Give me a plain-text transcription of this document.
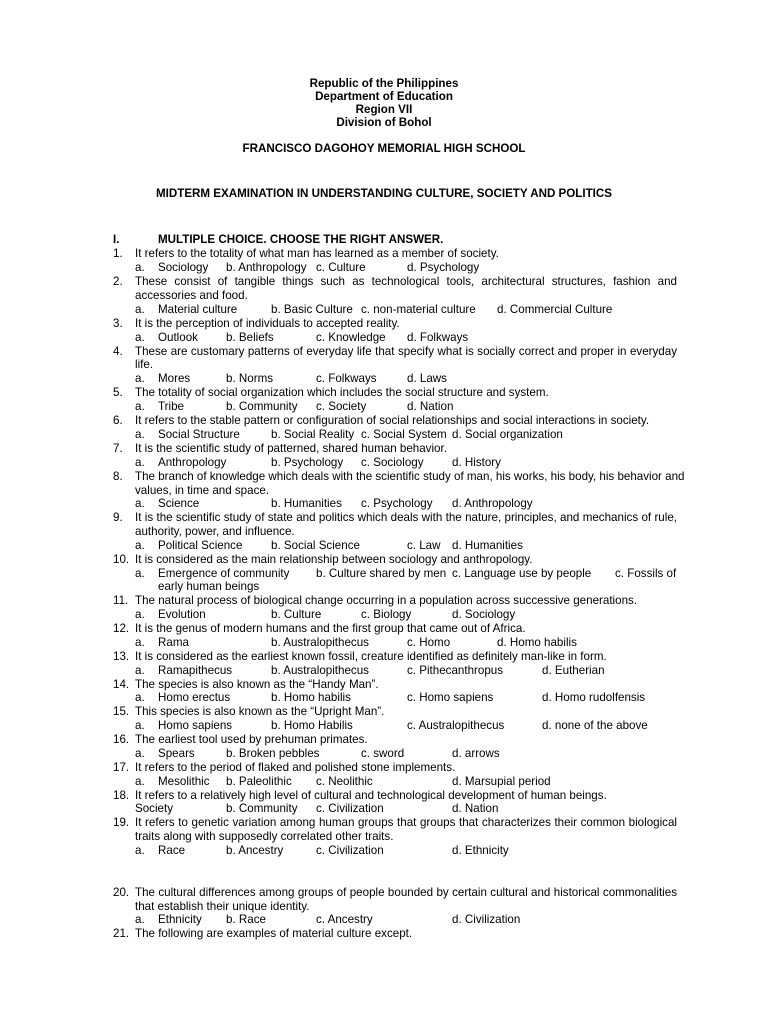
Republic of the Philippines
Department of Education
Region VII
Division of Bohol
FRANCISCO DAGOHOY MEMORIAL HIGH SCHOOL
MIDTERM EXAMINATION IN UNDERSTANDING CULTURE, SOCIETY AND POLITICS
I.	MULTIPLE CHOICE. CHOOSE THE RIGHT ANSWER.
1. It refers to the totality of what man has learned as a member of society.
a. Sociology b. Anthropology c. Culture	d. Psychology
2. These consist of tangible things such as technological tools, architectural structures, fashion and
accessories and food.
a. Material culture	b. Basic Culture c. non-material culture d. Commercial Culture
3. It is the perception of individuals to accepted reality.
a. Outlook b. Beliefs	c. Knowledge d. Folkways
4. These are customary patterns of everyday life that specify what is socially correct and proper in everyday
life.
a. Mores	b. Norms	c. Folkways	d. Laws
5. The totality of social organization which includes the social structure and system.
a. Tribe	b. Community c. Society	d. Nation
6. It refers to the stable pattern or configuration of social relationships and social interactions in society.
a. Social Structure	b. Social Reality c. Social System d. Social organization
7. It is the scientific study of patterned, shared human behavior.
a. Anthropology	b. Psychology c. Sociology d. History
8. The branch of knowledge which deals with the scientific study of man, his works, his body, his behavior and
values, in time and space.
a. Science	b. Humanities c. Psychology d. Anthropology
9. It is the scientific study of state and politics which deals with the nature, principles, and mechanics of rule,
authority, power, and influence.
a. Political Science b. Social Science	c. Law d. Humanities
10. It is considered as the main relationship between sociology and anthropology.
a. Emergence of community b. Culture shared by men c. Language use by people c. Fossils of
early human beings
11. The natural process of biological change occurring in a population across successive generations.
a. Evolution	b. Culture	c. Biology	d. Sociology
12. It is the genus of modern humans and the first group that came out of Africa.
a. Rama	b. Australopithecus	c. Homo	d. Homo habilis
13. It is considered as the earliest known fossil, creature identified as definitely man-like in form.
a. Ramapithecus	b. Australopithecus	c. Pithecanthropus	d. Eutherian
14. The species is also known as the “Handy Man”.
a. Homo erectus	b. Homo habilis	c. Homo sapiens	d. Homo rudolfensis
15. This species is also known as the “Upright Man”.
a. Homo sapiens	b. Homo Habilis	c. Australopithecus	d. none of the above
16. The earliest tool used by prehuman primates.
a. Spears	b. Broken pebbles	c. sword	d. arrows
17. It refers to the period of flaked and polished stone implements.
a. Mesolithic b. Paleolithic c. Neolithic	d. Marsupial period
18. It refers to a relatively high level of cultural and technological development of human beings.
Society	b. Community c. Civilization	d. Nation
19. It refers to genetic variation among human groups that groups that characterizes their common biological
traits along with supposedly correlated other traits.
a. Race	b. Ancestry	c. Civilization	d. Ethnicity
20. The cultural differences among groups of people bounded by certain cultural and historical commonalities
that establish their unique identity.
a. Ethnicity b. Race	c. Ancestry	d. Civilization
21. The following are examples of material culture except.
